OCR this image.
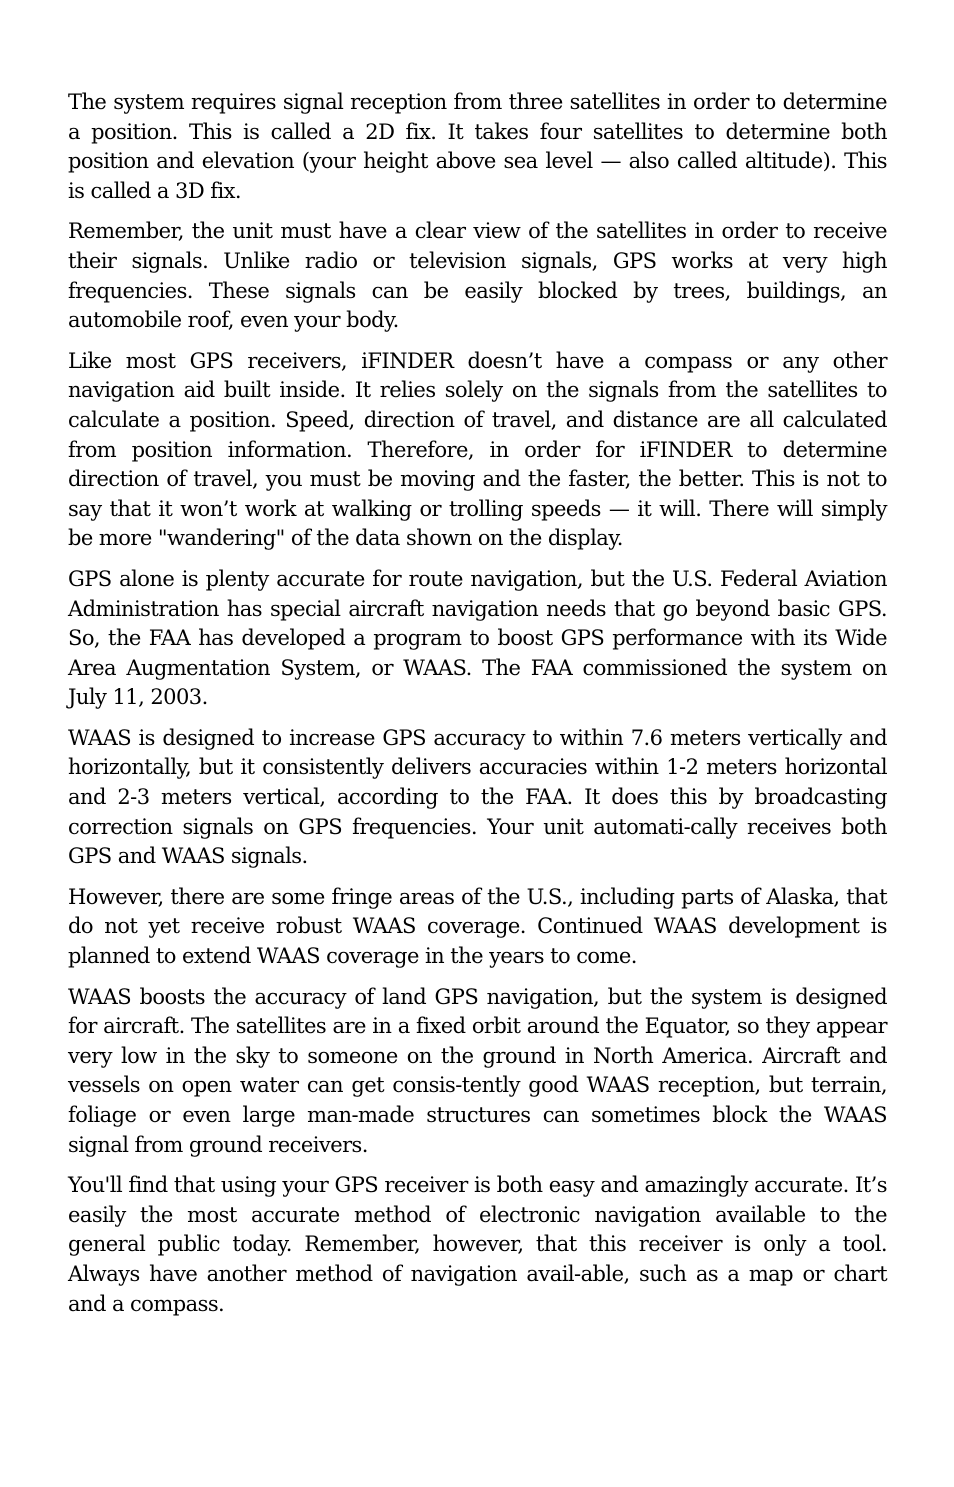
The system requires signal reception from three satellites in order to determine a position. This is called a 2D fix. It takes four satellites to determine both position and elevation (your height above sea level — also called altitude). This is called a 3D fix.

Remember, the unit must have a clear view of the satellites in order to receive their signals. Unlike radio or television signals, GPS works at very high frequencies. These signals can be easily blocked by trees, buildings, an automobile roof, even your body.

Like most GPS receivers, iFINDER doesn’t have a compass or any other navigation aid built inside. It relies solely on the signals from the satellites to calculate a position. Speed, direction of travel, and distance are all calculated from position information. Therefore, in order for iFINDER to determine direction of travel, you must be moving and the faster, the better. This is not to say that it won’t work at walking or trolling speeds — it will. There will simply be more "wandering" of the data shown on the display.

GPS alone is plenty accurate for route navigation, but the U.S. Federal Aviation Administration has special aircraft navigation needs that go beyond basic GPS. So, the FAA has developed a program to boost GPS performance with its Wide Area Augmentation System, or WAAS. The FAA commissioned the system on July 11, 2003.

WAAS is designed to increase GPS accuracy to within 7.6 meters vertically and horizontally, but it consistently delivers accuracies within 1-2 meters horizontal and 2-3 meters vertical, according to the FAA. It does this by broadcasting correction signals on GPS frequencies. Your unit automati-cally receives both GPS and WAAS signals.

However, there are some fringe areas of the U.S., including parts of Alaska, that do not yet receive robust WAAS coverage. Continued WAAS development is planned to extend WAAS coverage in the years to come.

WAAS boosts the accuracy of land GPS navigation, but the system is designed for aircraft. The satellites are in a fixed orbit around the Equator, so they appear very low in the sky to someone on the ground in North America. Aircraft and vessels on open water can get consis-tently good WAAS reception, but terrain, foliage or even large man-made structures can sometimes block the WAAS signal from ground receivers.

You'll find that using your GPS receiver is both easy and amazingly accurate. It’s easily the most accurate method of electronic navigation available to the general public today. Remember, however, that this receiver is only a tool. Always have another method of navigation avail-able, such as a map or chart and a compass.
